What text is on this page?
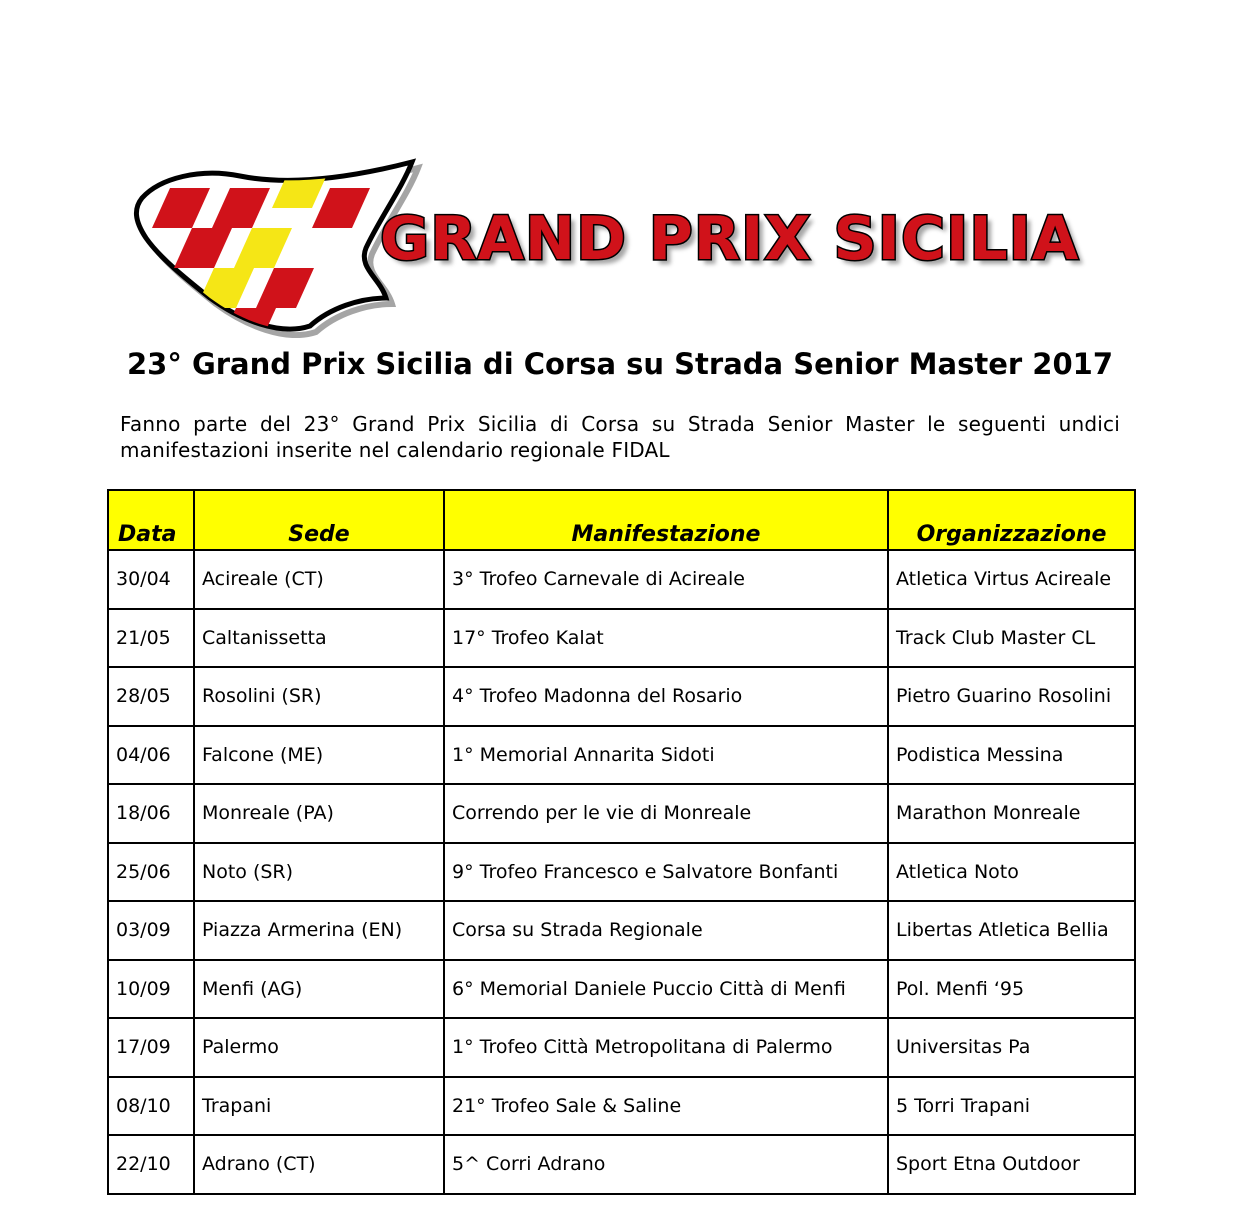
GRAND PRIX SICILIA
23° Grand Prix Sicilia di Corsa su Strada Senior Master 2017
Fanno parte del 23° Grand Prix Sicilia di Corsa su Strada Senior Master le seguenti undici manifestazioni inserite nel calendario regionale FIDAL
Data	Sede	Manifestazione	Organizzazione
30/04	Acireale (CT)	3° Trofeo Carnevale di Acireale	Atletica Virtus Acireale
21/05	Caltanissetta	17° Trofeo Kalat	Track Club Master CL
28/05	Rosolini (SR)	4° Trofeo Madonna del Rosario	Pietro Guarino Rosolini
04/06	Falcone (ME)	1° Memorial Annarita Sidoti	Podistica Messina
18/06	Monreale (PA)	Correndo per le vie di Monreale	Marathon Monreale
25/06	Noto (SR)	9° Trofeo Francesco e Salvatore Bonfanti	Atletica Noto
03/09	Piazza Armerina (EN)	Corsa su Strada Regionale	Libertas Atletica Bellia
10/09	Menfi (AG)	6° Memorial Daniele Puccio Città di Menfi	Pol. Menfi ‘95
17/09	Palermo	1° Trofeo Città Metropolitana di Palermo	Universitas Pa
08/10	Trapani	21° Trofeo Sale & Saline	5 Torri Trapani
22/10	Adrano (CT)	5^ Corri Adrano	Sport Etna Outdoor
